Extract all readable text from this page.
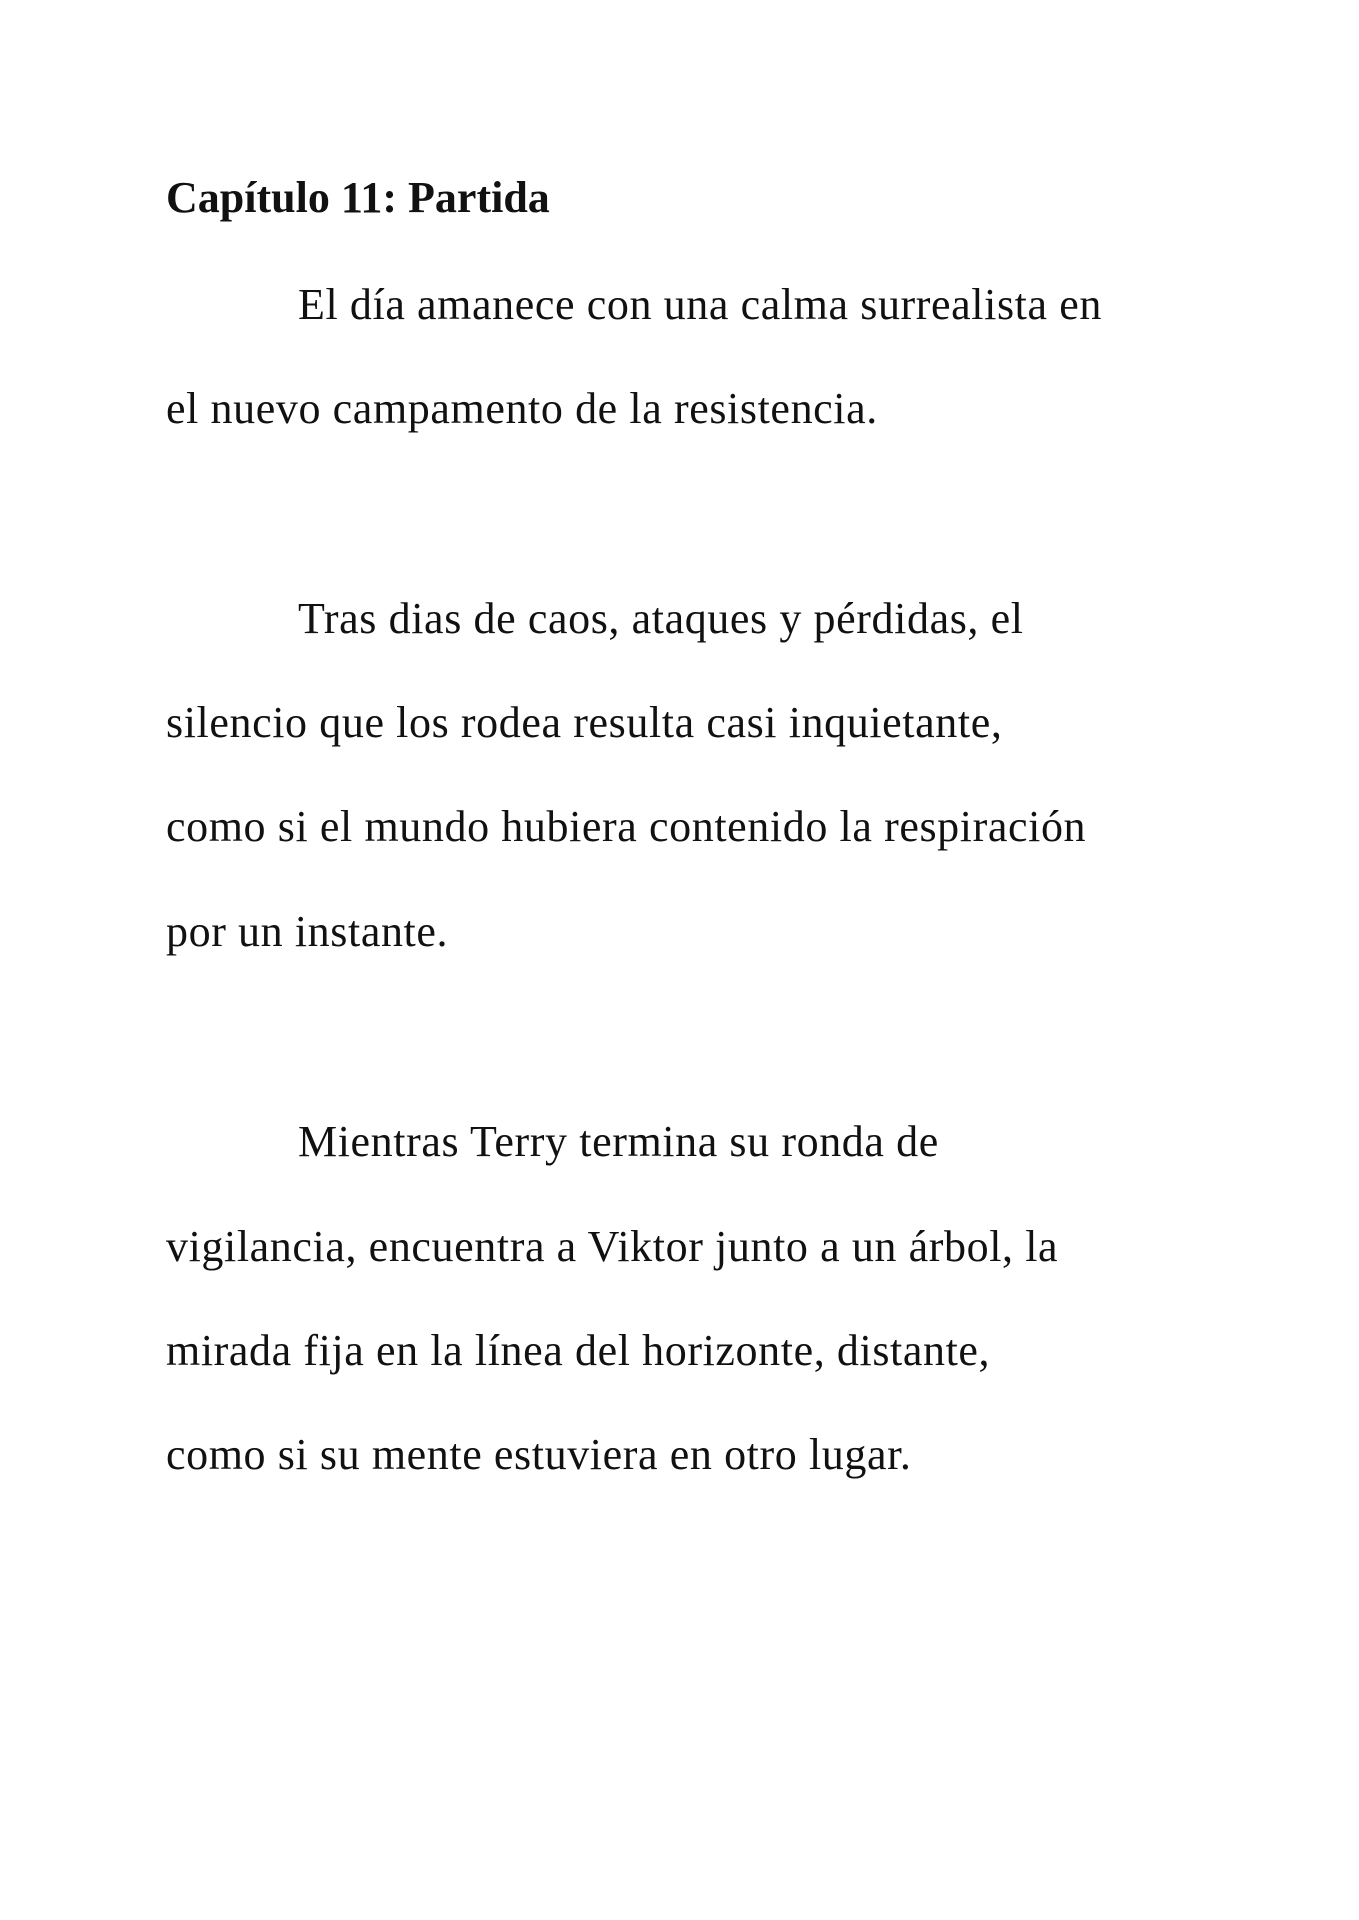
Capítulo 11: Partida

El día amanece con una calma surrealista en

el nuevo campamento de la resistencia.

Tras dias de caos, ataques y pérdidas, el

silencio que los rodea resulta casi inquietante,

como si el mundo hubiera contenido la respiración

por un instante.

Mientras Terry termina su ronda de

vigilancia, encuentra a Viktor junto a un árbol, la

mirada fija en la línea del horizonte, distante,

como si su mente estuviera en otro lugar.
